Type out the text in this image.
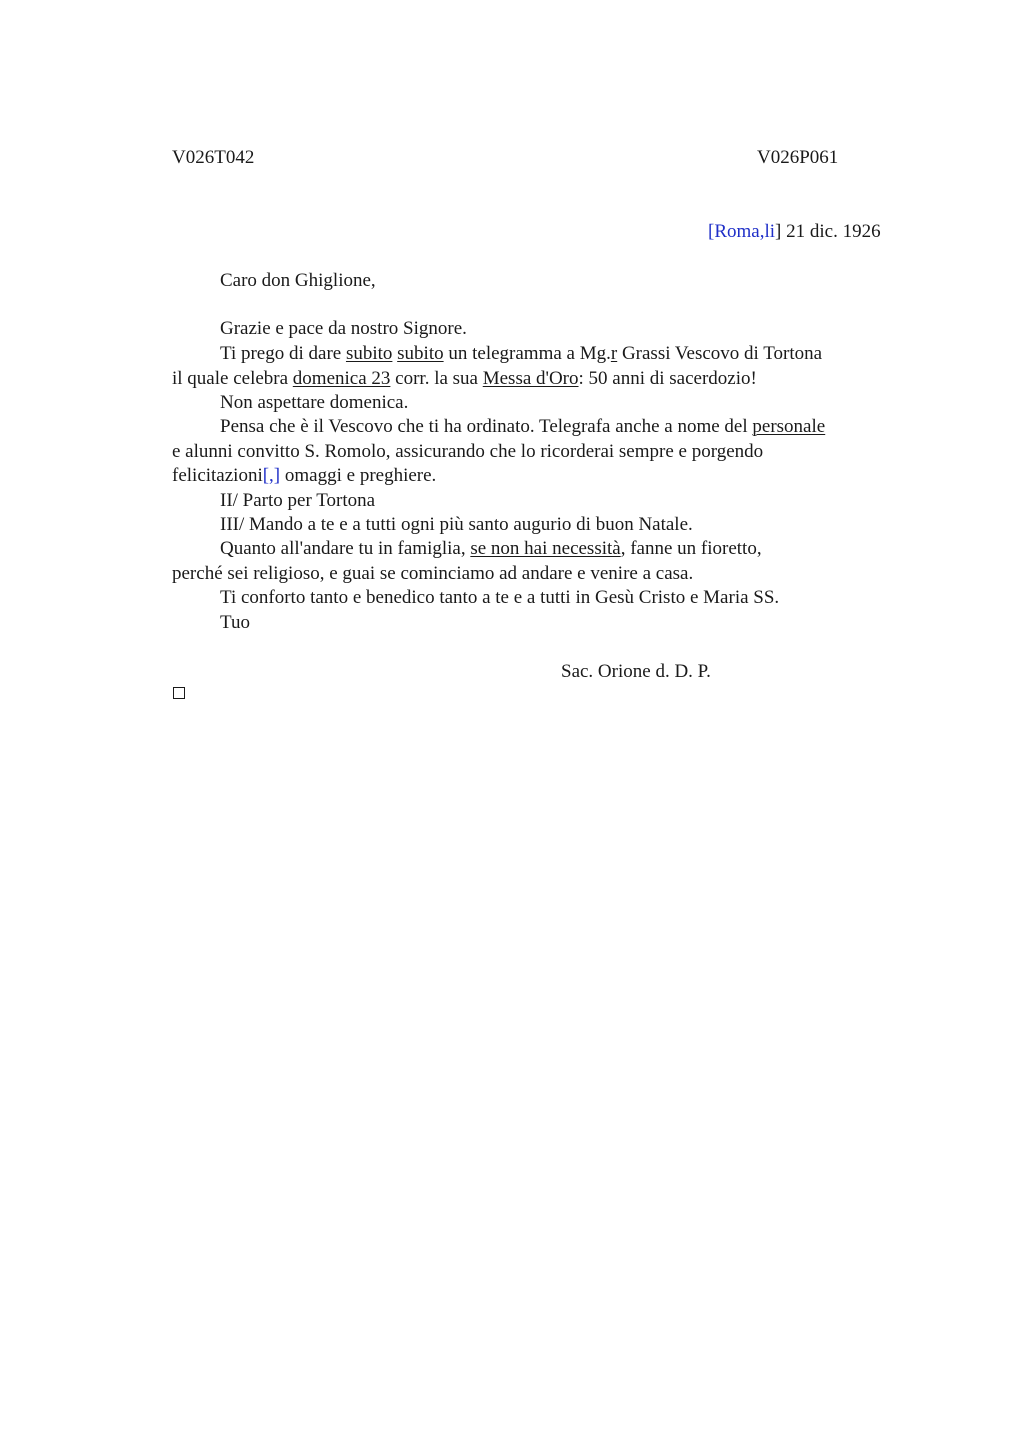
V026T042	V026P061
[Roma,li] 21 dic. 1926
Caro don Ghiglione,
Grazie e pace da nostro Signore.
Ti prego di dare subito subito un telegramma a Mg.r Grassi Vescovo di Tortona
il quale celebra domenica 23 corr. la sua Messa d'Oro: 50 anni di sacerdozio!
Non aspettare domenica.
Pensa che è il Vescovo che ti ha ordinato. Telegrafa anche a nome del personale
e alunni convitto S. Romolo, assicurando che lo ricorderai sempre e porgendo
felicitazioni[,] omaggi e preghiere.
II/ Parto per Tortona
III/ Mando a te e a tutti ogni più santo augurio di buon Natale.
Quanto all'andare tu in famiglia, se non hai necessità, fanne un fioretto,
perché sei religioso, e guai se cominciamo ad andare e venire a casa.
Ti conforto tanto e benedico tanto a te e a tutti in Gesù Cristo e Maria SS.
Tuo
Sac. Orione d. D. P.
